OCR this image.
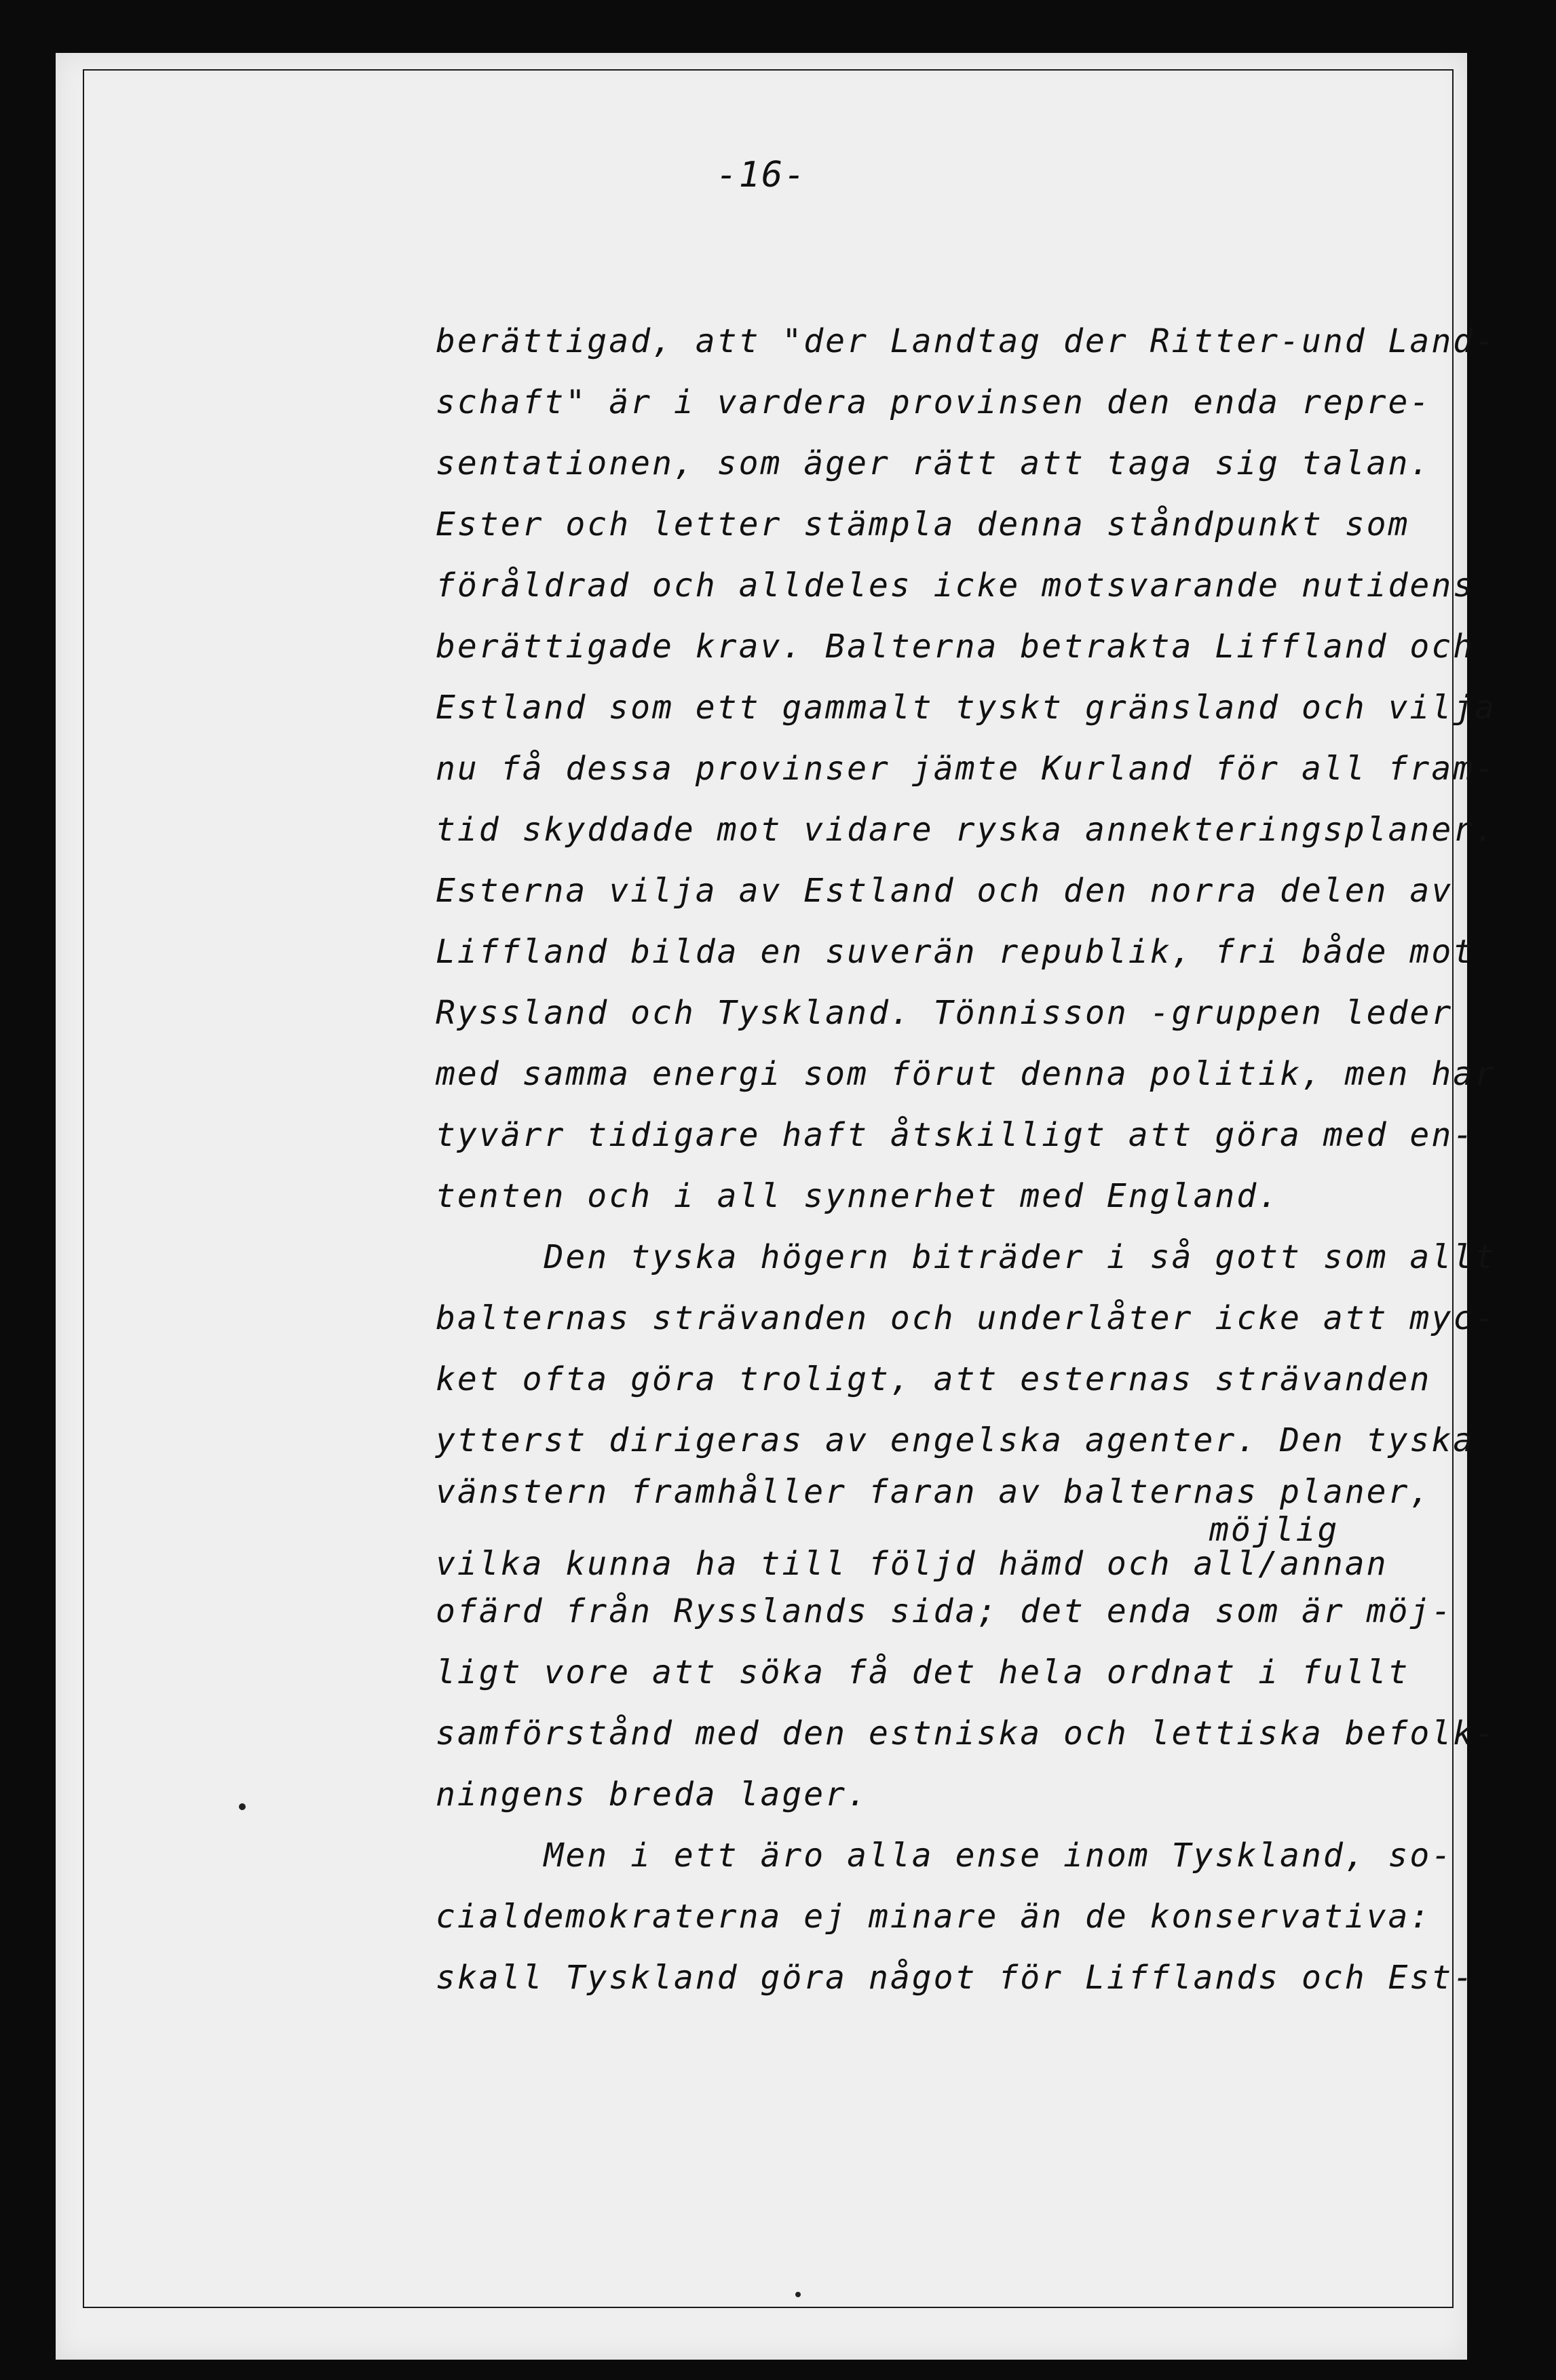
-16-
berättigad, att "der Landtag der Ritter-und Land-
schaft" är i vardera provinsen den enda repre-
sentationen, som äger rätt att taga sig talan.
Ester och letter stämpla denna ståndpunkt som
föråldrad och alldeles icke motsvarande nutidens
berättigade krav. Balterna betrakta Liffland och
Estland som ett gammalt tyskt gränsland och vilja
nu få dessa provinser jämte Kurland för all fram-
tid skyddade mot vidare ryska annekteringsplaner.
Esterna vilja av Estland och den norra delen av
Liffland bilda en suverän republik, fri både mot
Ryssland och Tyskland. Tönnisson -gruppen leder
med samma energi som förut denna politik, men har
tyvärr tidigare haft åtskilligt att göra med en-
tenten och i all synnerhet med England.
Den tyska högern biträder i så gott som allt
balternas strävanden och underlåter icke att myc-
ket ofta göra troligt, att esternas strävanden
ytterst dirigeras av engelska agenter. Den tyska
vänstern framhåller faran av balternas planer,
möjlig
vilka kunna ha till följd hämd och all/annan
ofärd från Rysslands sida; det enda som är möj-
ligt vore att söka få det hela ordnat i fullt
samförstånd med den estniska och lettiska befolk-
ningens breda lager.
Men i ett äro alla ense inom Tyskland, so-
cialdemokraterna ej minare än de konservativa:
skall Tyskland göra något för Lifflands och Est-
